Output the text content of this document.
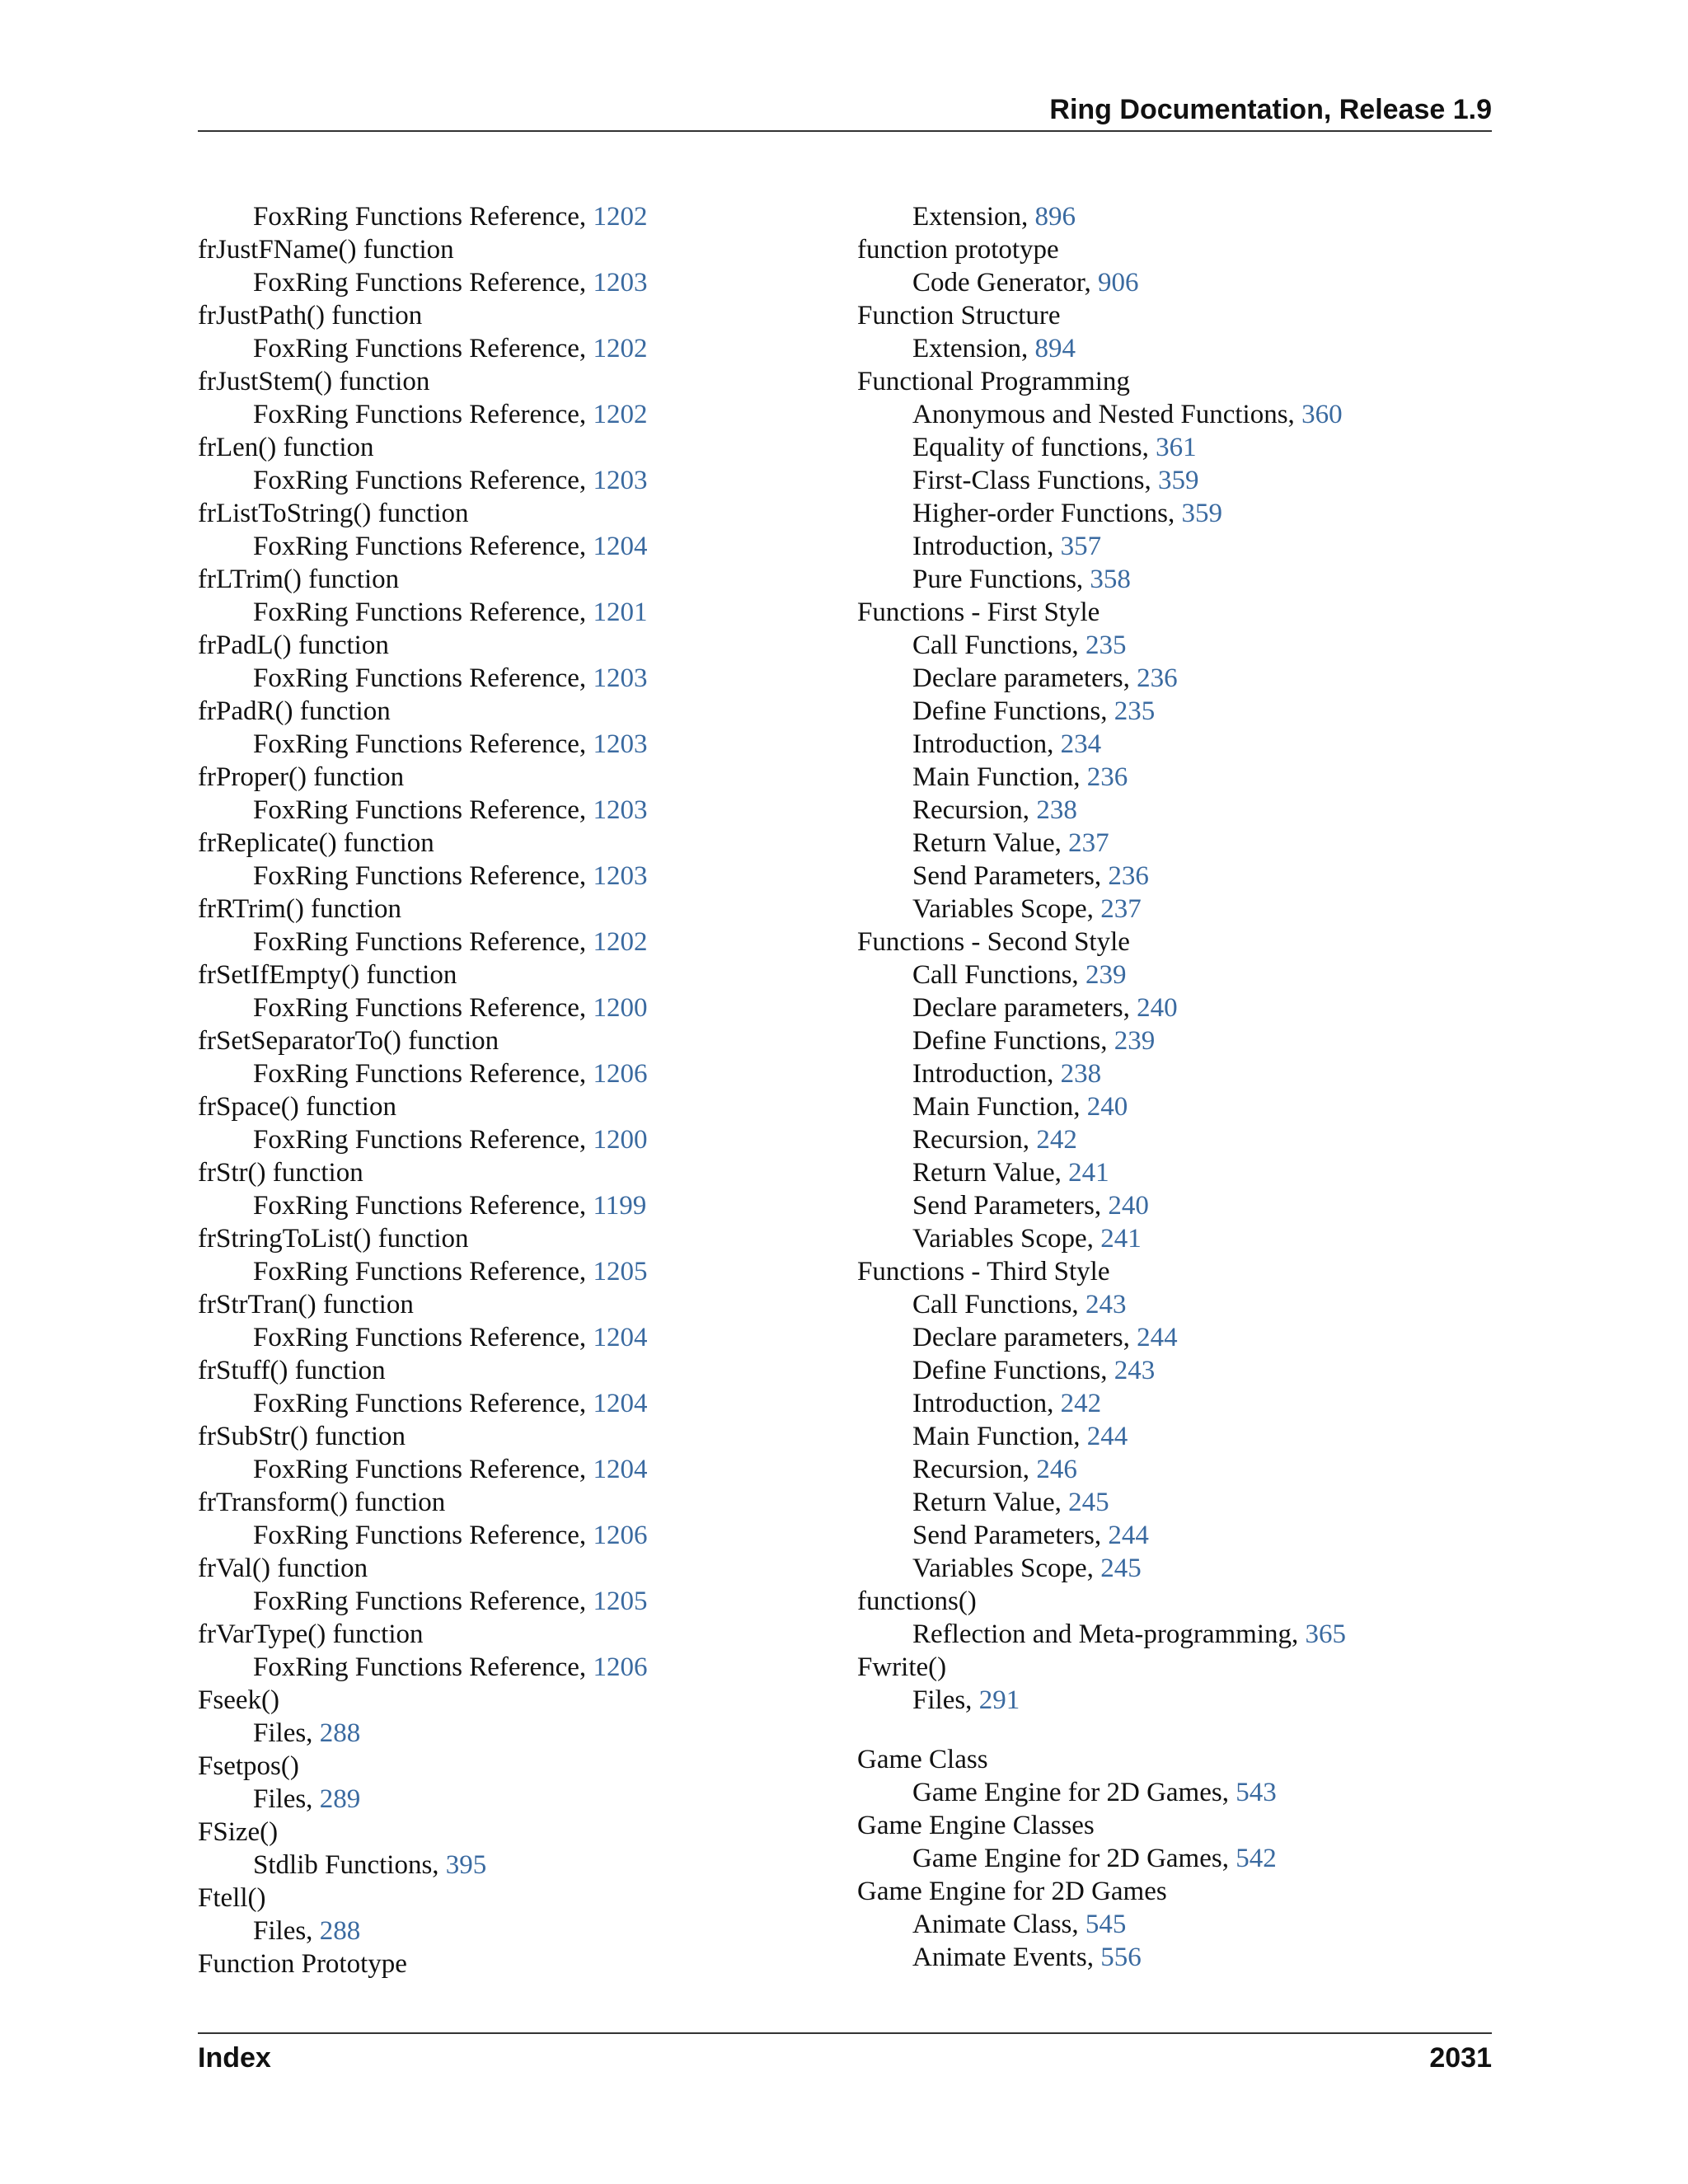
Ring Documentation, Release 1.9
FoxRing Functions Reference, 1202
frJustFName() function
FoxRing Functions Reference, 1203
frJustPath() function
FoxRing Functions Reference, 1202
frJustStem() function
FoxRing Functions Reference, 1202
frLen() function
FoxRing Functions Reference, 1203
frListToString() function
FoxRing Functions Reference, 1204
frLTrim() function
FoxRing Functions Reference, 1201
frPadL() function
FoxRing Functions Reference, 1203
frPadR() function
FoxRing Functions Reference, 1203
frProper() function
FoxRing Functions Reference, 1203
frReplicate() function
FoxRing Functions Reference, 1203
frRTrim() function
FoxRing Functions Reference, 1202
frSetIfEmpty() function
FoxRing Functions Reference, 1200
frSetSeparatorTo() function
FoxRing Functions Reference, 1206
frSpace() function
FoxRing Functions Reference, 1200
frStr() function
FoxRing Functions Reference, 1199
frStringToList() function
FoxRing Functions Reference, 1205
frStrTran() function
FoxRing Functions Reference, 1204
frStuff() function
FoxRing Functions Reference, 1204
frSubStr() function
FoxRing Functions Reference, 1204
frTransform() function
FoxRing Functions Reference, 1206
frVal() function
FoxRing Functions Reference, 1205
frVarType() function
FoxRing Functions Reference, 1206
Fseek()
Files, 288
Fsetpos()
Files, 289
FSize()
Stdlib Functions, 395
Ftell()
Files, 288
Function Prototype
Extension, 896
function prototype
Code Generator, 906
Function Structure
Extension, 894
Functional Programming
Anonymous and Nested Functions, 360
Equality of functions, 361
First-Class Functions, 359
Higher-order Functions, 359
Introduction, 357
Pure Functions, 358
Functions - First Style
Call Functions, 235
Declare parameters, 236
Define Functions, 235
Introduction, 234
Main Function, 236
Recursion, 238
Return Value, 237
Send Parameters, 236
Variables Scope, 237
Functions - Second Style
Call Functions, 239
Declare parameters, 240
Define Functions, 239
Introduction, 238
Main Function, 240
Recursion, 242
Return Value, 241
Send Parameters, 240
Variables Scope, 241
Functions - Third Style
Call Functions, 243
Declare parameters, 244
Define Functions, 243
Introduction, 242
Main Function, 244
Recursion, 246
Return Value, 245
Send Parameters, 244
Variables Scope, 245
functions()
Reflection and Meta-programming, 365
Fwrite()
Files, 291
Game Class
Game Engine for 2D Games, 543
Game Engine Classes
Game Engine for 2D Games, 542
Game Engine for 2D Games
Animate Class, 545
Animate Events, 556
Index	2031
